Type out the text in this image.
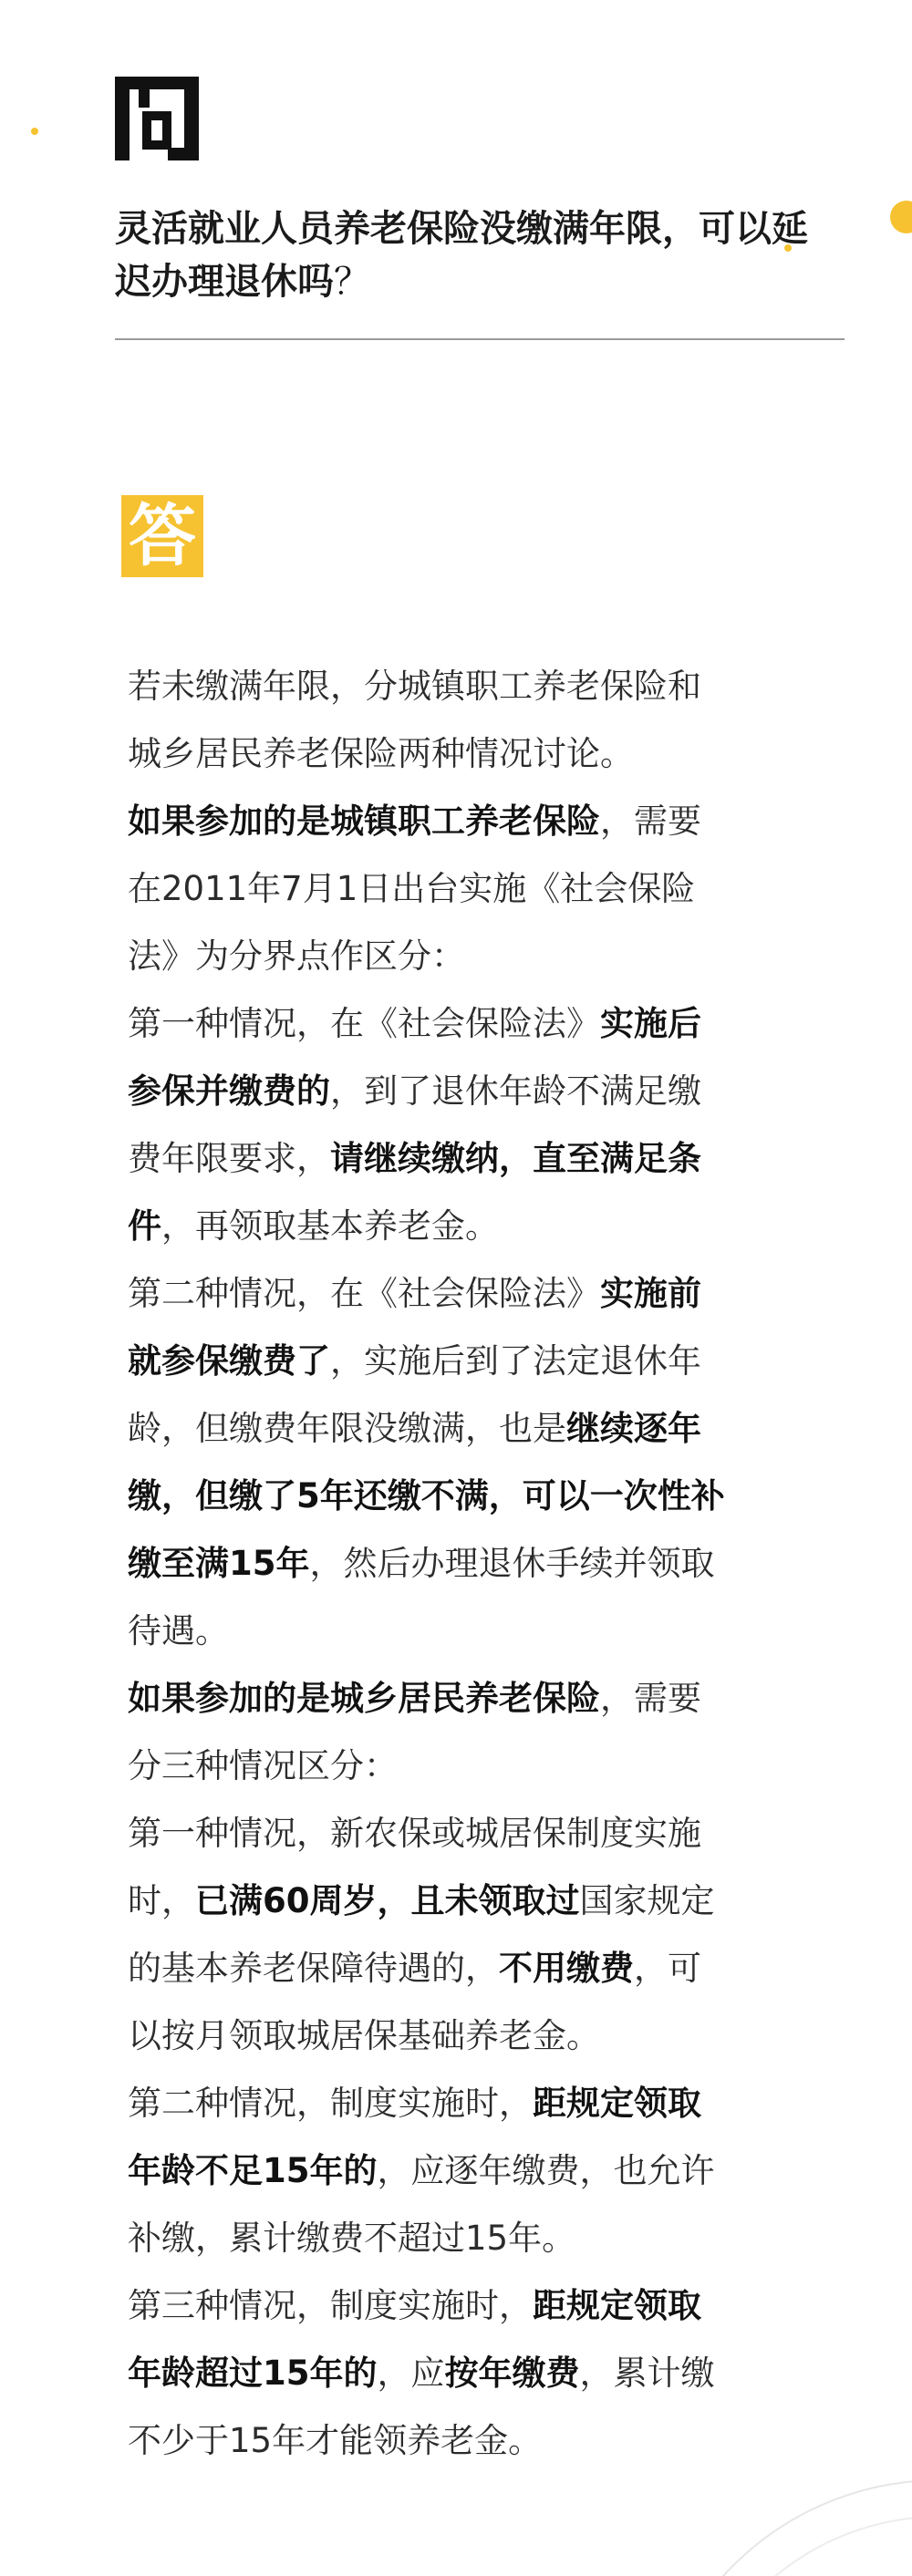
灵活就业人员养老保险没缴满年限，可以延迟办理退休吗？
答

若未缴满年限，分城镇职工养老保险和城乡居民养老保险两种情况讨论。

如果参加的是城镇职工养老保险，需要在2011年7月1日出台实施《社会保险法》为分界点作区分：

第一种情况，在《社会保险法》实施后参保并缴费的，到了退休年龄不满足缴费年限要求，请继续缴纳，直至满足条件，再领取基本养老金。

第二种情况，在《社会保险法》实施前就参保缴费了，实施后到了法定退休年龄，但缴费年限没缴满，也是继续逐年缴，但缴了5年还缴不满，可以一次性补缴至满15年，然后办理退休手续并领取待遇。

如果参加的是城乡居民养老保险，需要分三种情况区分：

第一种情况，新农保或城居保制度实施时，已满60周岁，且未领取过国家规定的基本养老保障待遇的，不用缴费，可以按月领取城居保基础养老金。

第二种情况，制度实施时，距规定领取年龄不足15年的，应逐年缴费，也允许补缴，累计缴费不超过15年。

第三种情况，制度实施时，距规定领取年龄超过15年的，应按年缴费，累计缴不少于15年才能领养老金。
